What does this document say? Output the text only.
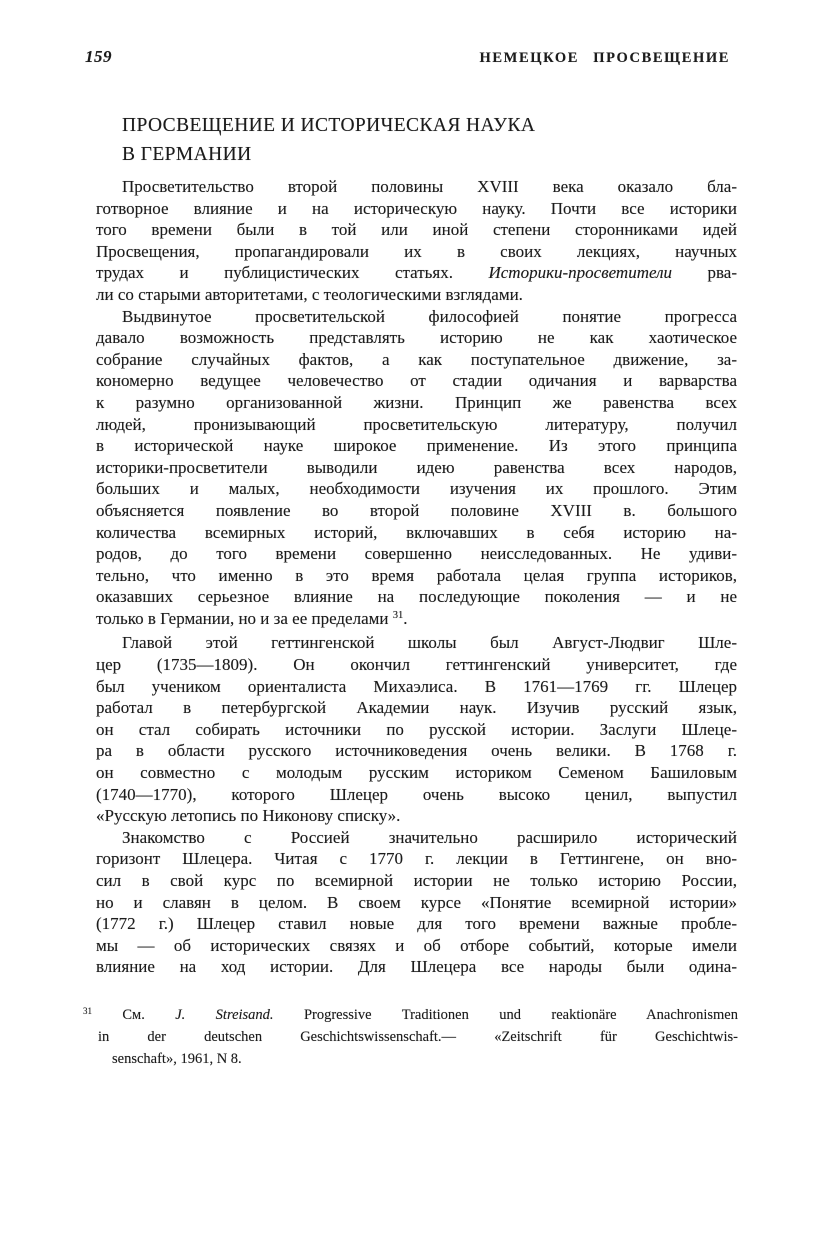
159	НЕМЕЦКОЕ ПРОСВЕЩЕНИЕ
ПРОСВЕЩЕНИЕ И ИСТОРИЧЕСКАЯ НАУКА
В ГЕРМАНИИ
Просветительство второй половины XVIII века оказало бла-
готворное влияние и на историческую науку. Почти все историки
того времени были в той или иной степени сторонниками идей
Просвещения, пропагандировали их в своих лекциях, научных
трудах и публицистических статьях. Историки-просветители рва-
ли со старыми авторитетами, с теологическими взглядами.
Выдвинутое просветительской философией понятие прогресса
давало возможность представлять историю не как хаотическое
собрание случайных фактов, а как поступательное движение, за-
кономерно ведущее человечество от стадии одичания и варварства
к разумно организованной жизни. Принцип же равенства всех
людей, пронизывающий просветительскую литературу, получил
в исторической науке широкое применение. Из этого принципа
историки-просветители выводили идею равенства всех народов,
больших и малых, необходимости изучения их прошлого. Этим
объясняется появление во второй половине XVIII в. большого
количества всемирных историй, включавших в себя историю на-
родов, до того времени совершенно неисследованных. Не удиви-
тельно, что именно в это время работала целая группа историков,
оказавших серьезное влияние на последующие поколения — и не
только в Германии, но и за ее пределами $^{31}$.
Главой этой геттингенской школы был Август-Людвиг Шле-
цер (1735—1809). Он окончил геттингенский университет, где
был учеником ориенталиста Михаэлиса. В 1761—1769 гг. Шлецер
работал в петербургской Академии наук. Изучив русский язык,
он стал собирать источники по русской истории. Заслуги Шлеце-
ра в области русского источниковедения очень велики. В 1768 г.
он совместно с молодым русским историком Семеном Башиловым
(1740—1770), которого Шлецер очень высоко ценил, выпустил
«Русскую летопись по Никонову списку».
Знакомство с Россией значительно расширило исторический
горизонт Шлецера. Читая с 1770 г. лекции в Геттингене, он вно-
сил в свой курс по всемирной истории не только историю России,
но и славян в целом. В своем курсе «Понятие всемирной истории»
(1772 г.) Шлецер ставил новые для того времени важные пробле-
мы — об исторических связях и об отборе событий, которые имели
влияние на ход истории. Для Шлецера все народы были одина-
$^{31}$ См. J. Streisand. Progressive Traditionen und reaktionäre Anachronismen
in der deutschen Geschichtswissenschaft.— «Zeitschrift für Geschichtwis-
senschaft», 1961, N 8.
